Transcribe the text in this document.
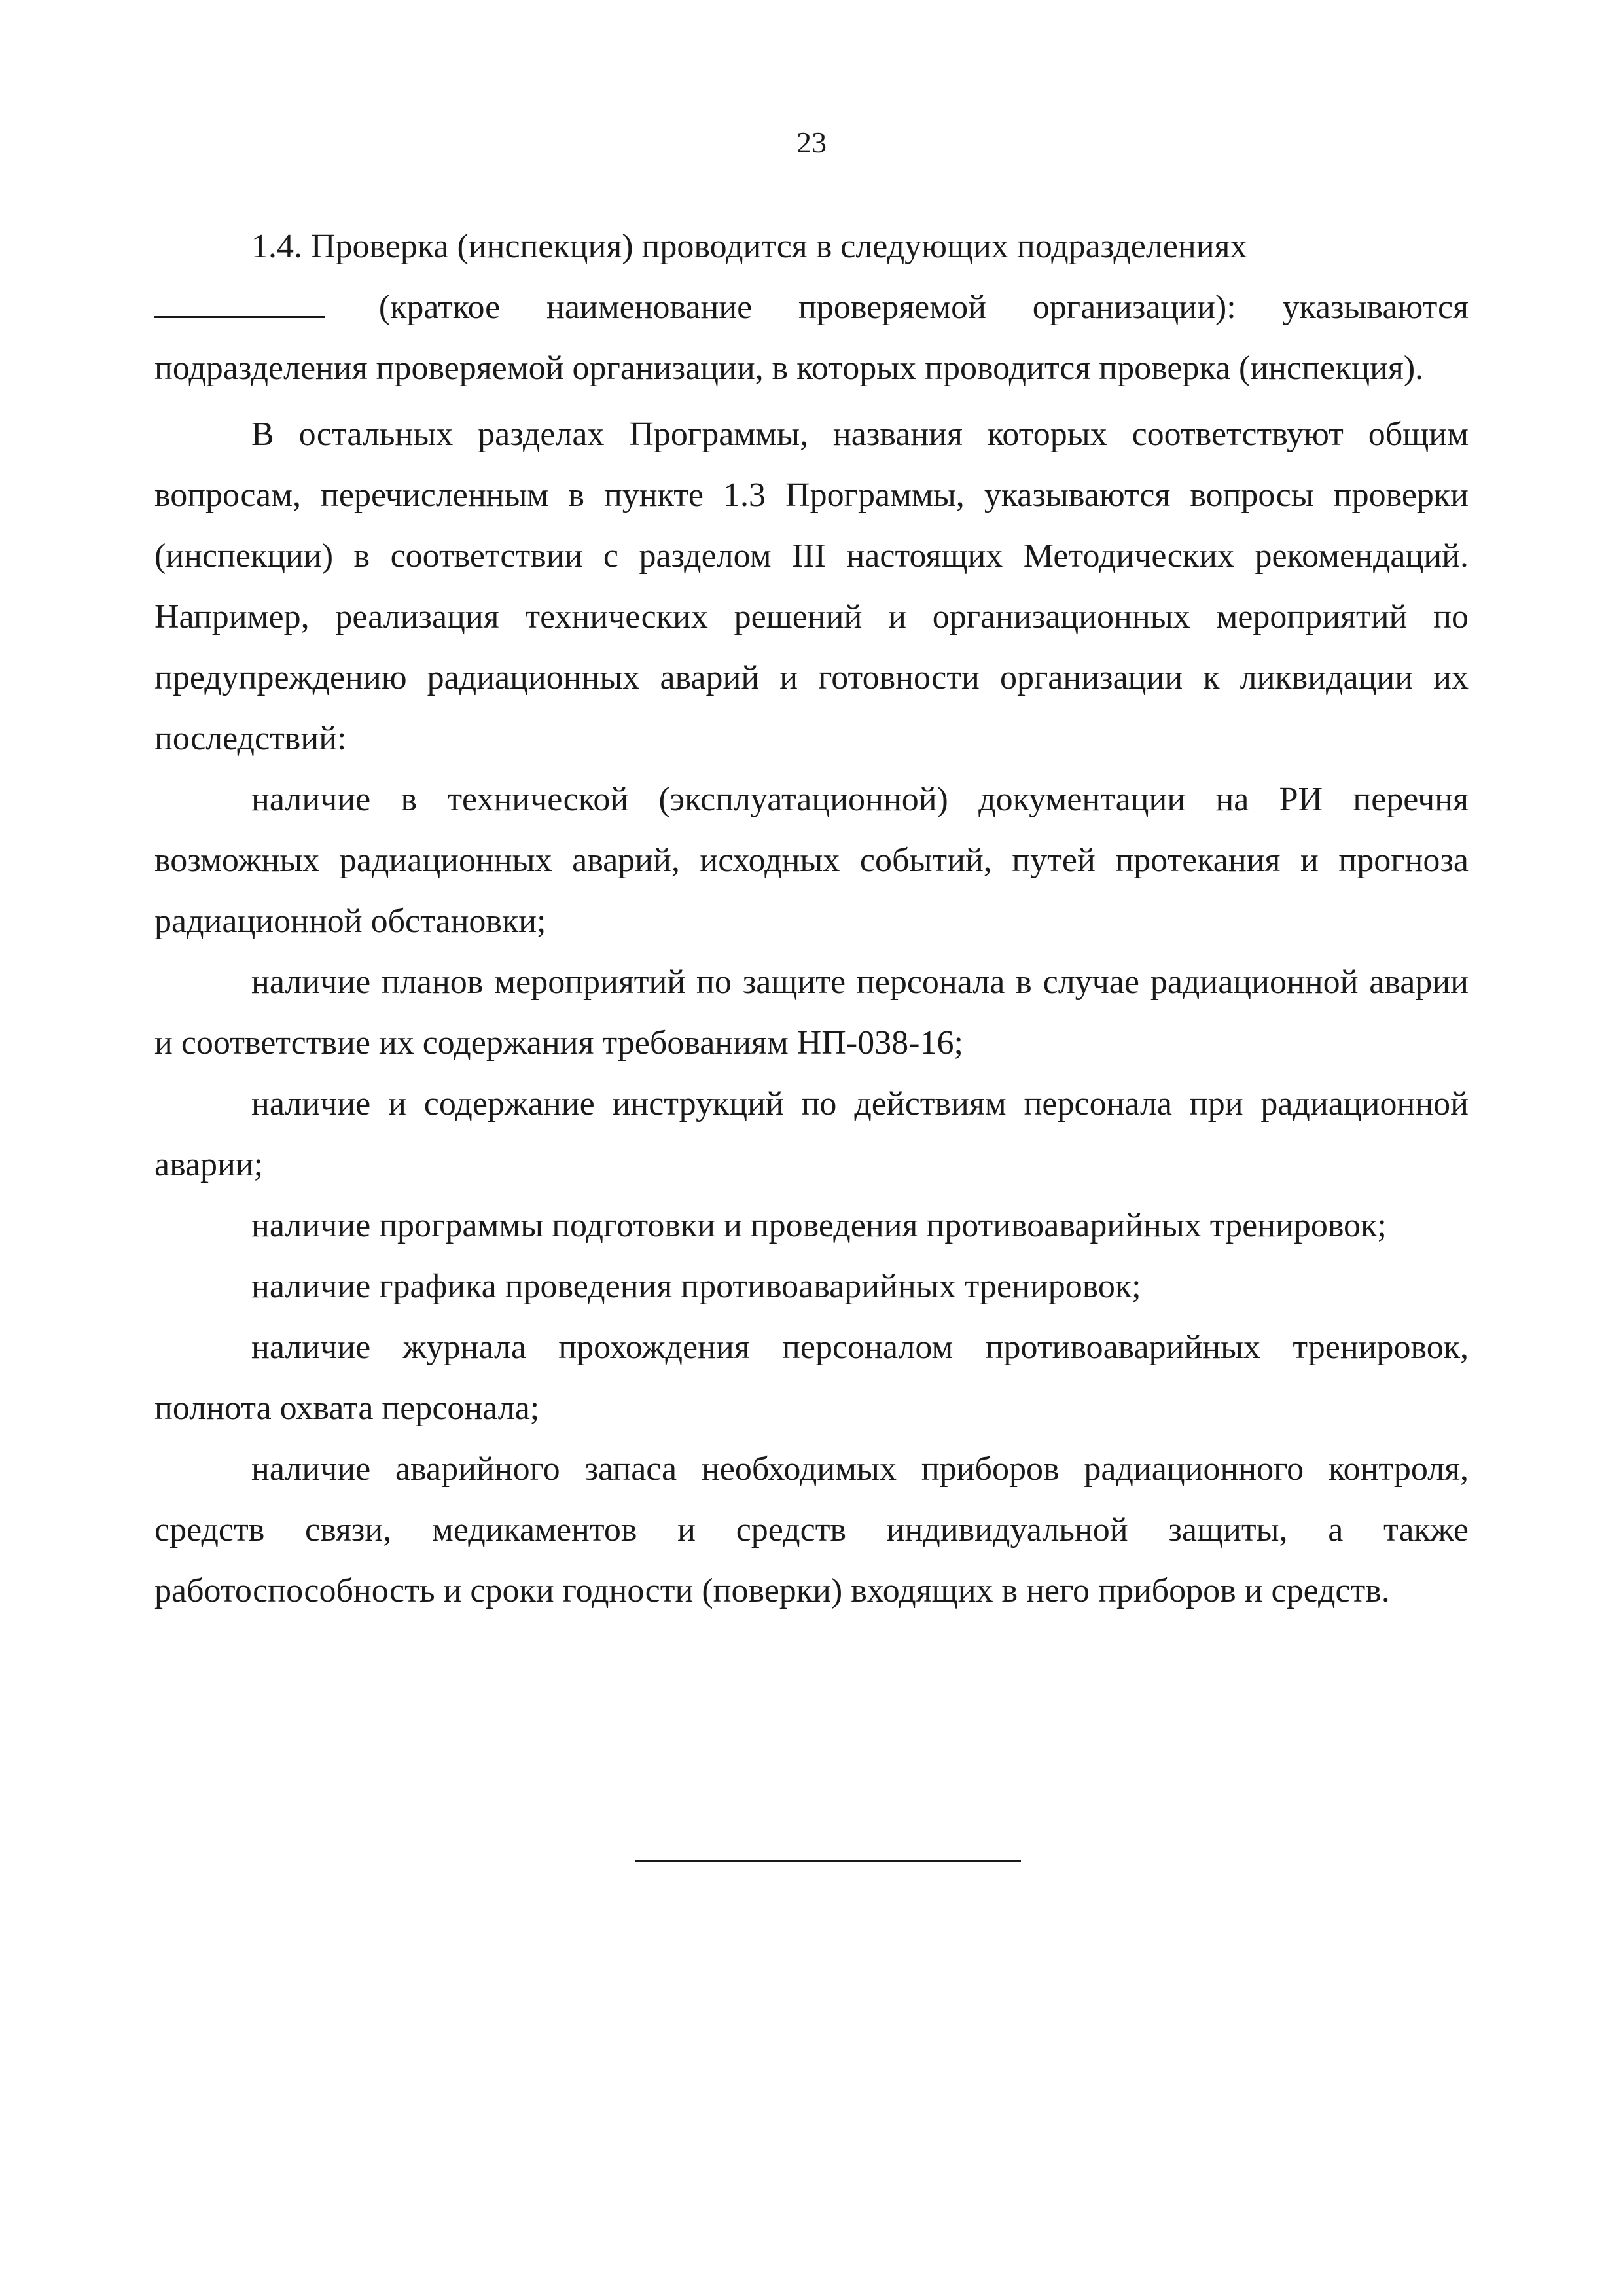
23

1.4. Проверка (инспекция) проводится в следующих подразделениях
(краткое наименование проверяемой организации): указываются подразделения проверяемой организации, в которых проводится проверка (инспекция).

В остальных разделах Программы, названия которых соответствуют общим вопросам, перечисленным в пункте 1.3 Программы, указываются вопросы проверки (инспекции) в соответствии с разделом III настоящих Методических рекомендаций. Например, реализация технических решений и организационных мероприятий по предупреждению радиационных аварий и готовности организации к ликвидации их последствий:

наличие в технической (эксплуатационной) документации на РИ перечня возможных радиационных аварий, исходных событий, путей протекания и прогноза радиационной обстановки;

наличие планов мероприятий по защите персонала в случае радиационной аварии и соответствие их содержания требованиям НП-038-16;

наличие и содержание инструкций по действиям персонала при радиационной аварии;

наличие программы подготовки и проведения противоаварийных тренировок;

наличие графика проведения противоаварийных тренировок;

наличие журнала прохождения персоналом противоаварийных тренировок, полнота охвата персонала;

наличие аварийного запаса необходимых приборов радиационного контроля, средств связи, медикаментов и средств индивидуальной защиты, а также работоспособность и сроки годности (поверки) входящих в него приборов и средств.
